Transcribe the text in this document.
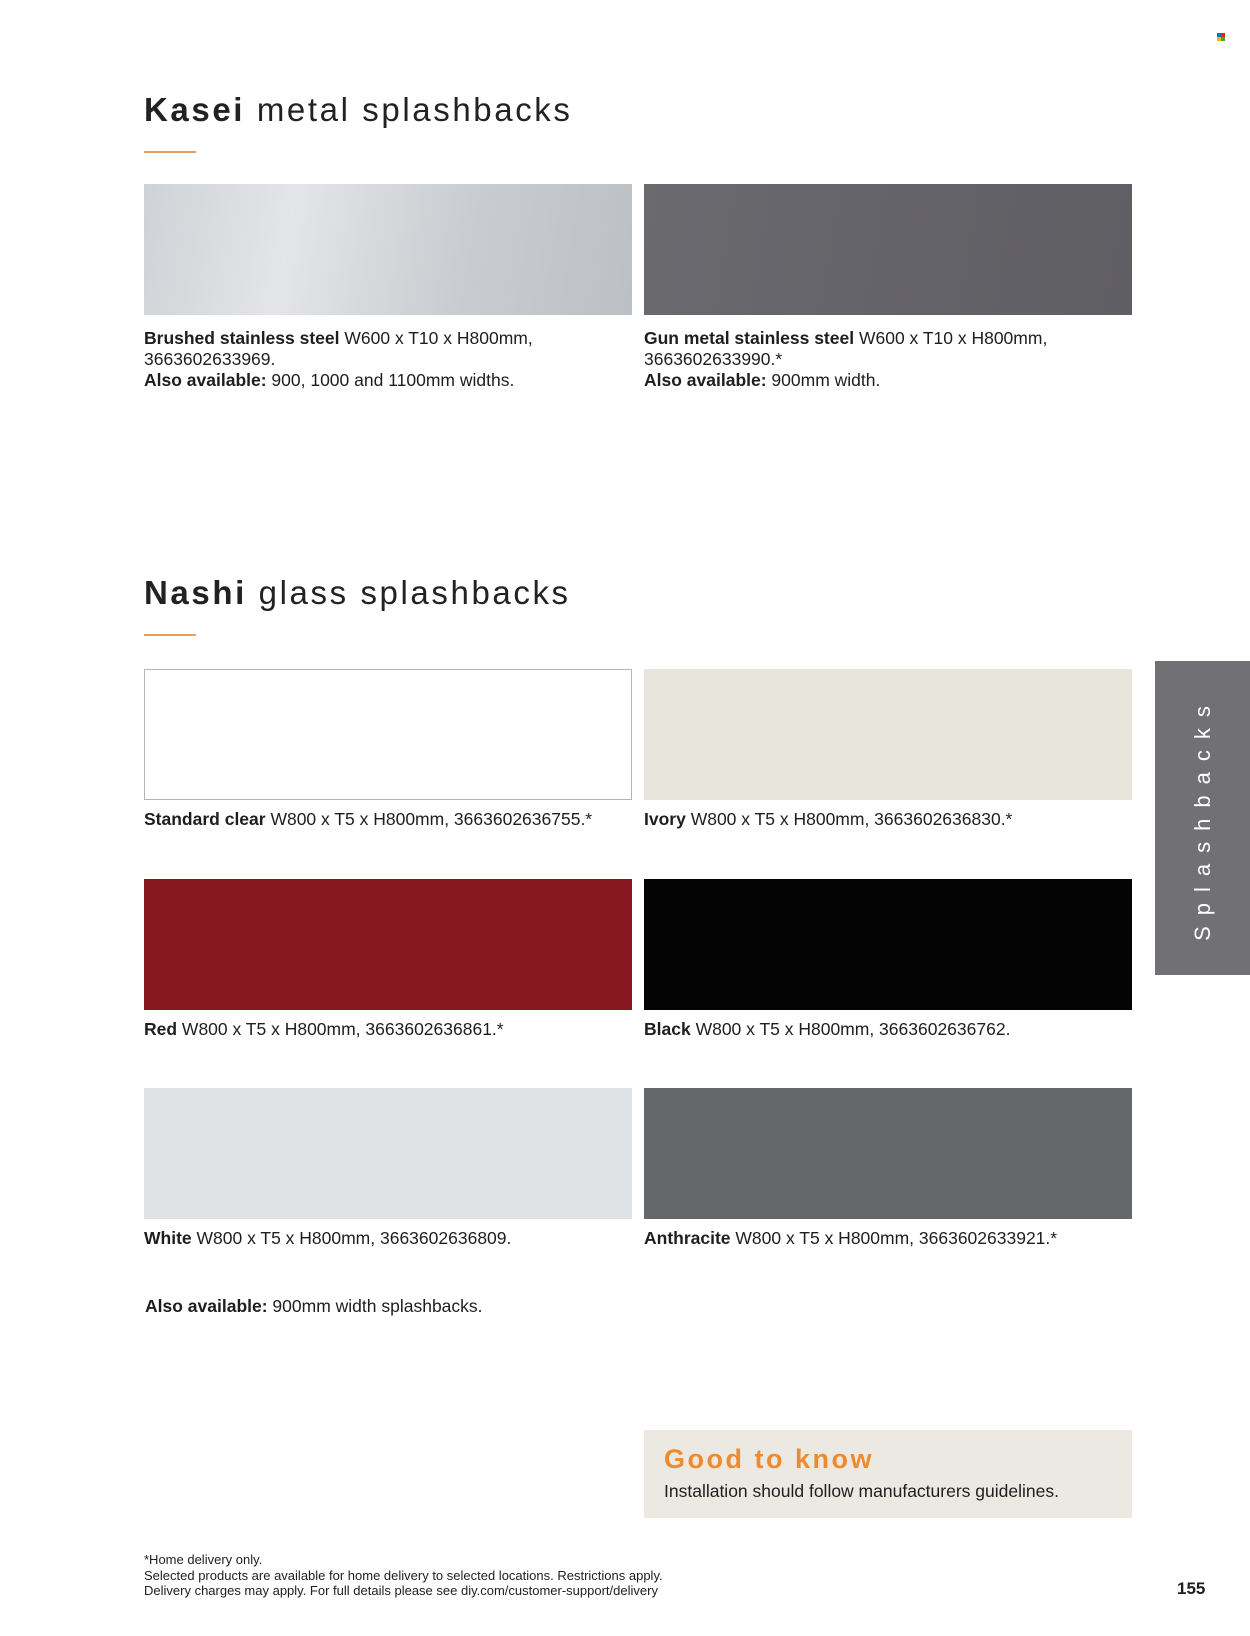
Kasei metal splashbacks
Brushed stainless steel W600 x T10 x H800mm, 3663602633969.
Also available: 900, 1000 and 1100mm widths.
Gun metal stainless steel W600 x T10 x H800mm, 3663602633990.*
Also available: 900mm width.
Nashi glass splashbacks
Standard clear W800 x T5 x H800mm, 3663602636755.*	Ivory W800 x T5 x H800mm, 3663602636830.*
Red W800 x T5 x H800mm, 3663602636861.*	Black W800 x T5 x H800mm, 3663602636762.
White W800 x T5 x H800mm, 3663602636809.	Anthracite W800 x T5 x H800mm, 3663602633921.*
Also available: 900mm width splashbacks.
Splashbacks
Good to know
Installation should follow manufacturers guidelines.
*Home delivery only.
Selected products are available for home delivery to selected locations. Restrictions apply.
Delivery charges may apply. For full details please see diy.com/customer-support/delivery	155
